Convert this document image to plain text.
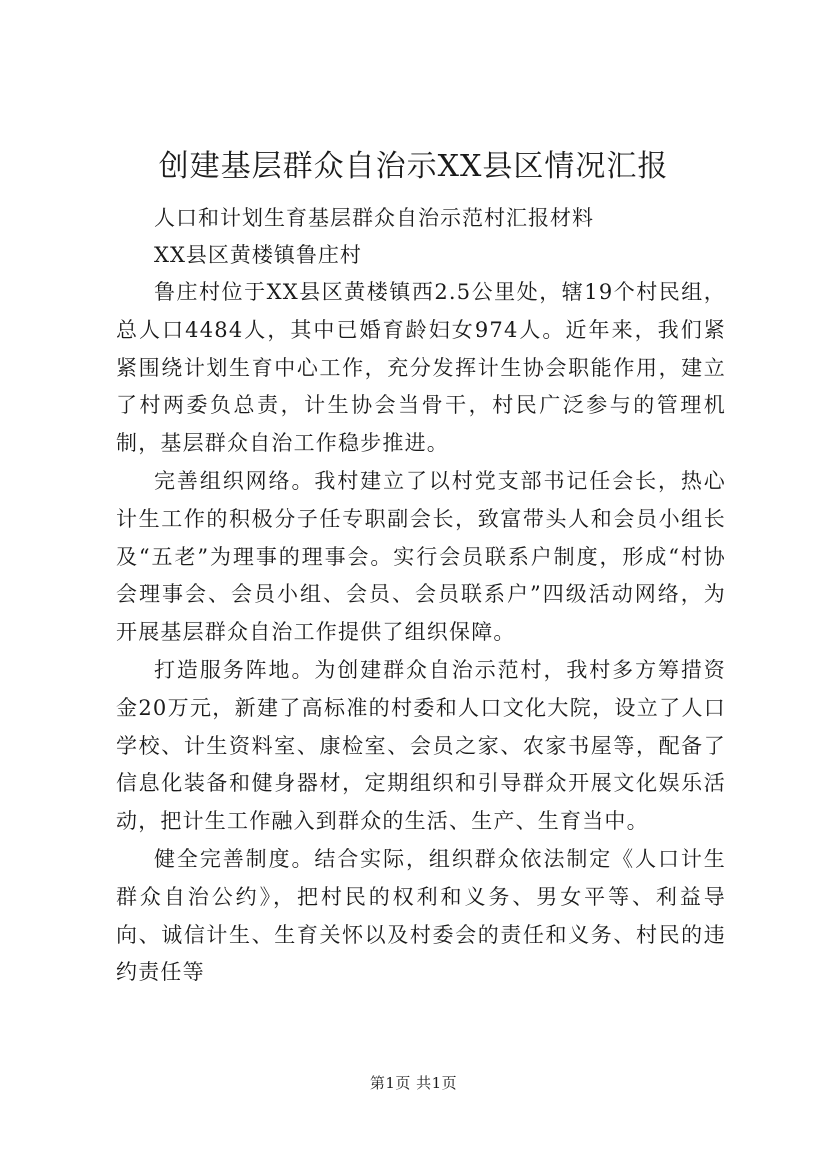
创建基层群众自治示XX县区情况汇报

人口和计划生育基层群众自治示范村汇报材料

XX县区黄楼镇鲁庄村

鲁庄村位于XX县区黄楼镇西2.5公里处，辖19个村民组，总人口4484人，其中已婚育龄妇女974人。近年来，我们紧紧围绕计划生育中心工作，充分发挥计生协会职能作用，建立了村两委负总责，计生协会当骨干，村民广泛参与的管理机制，基层群众自治工作稳步推进。

完善组织网络。我村建立了以村党支部书记任会长，热心计生工作的积极分子任专职副会长，致富带头人和会员小组长及“五老”为理事的理事会。实行会员联系户制度，形成“村协会理事会、会员小组、会员、会员联系户”四级活动网络，为开展基层群众自治工作提供了组织保障。

打造服务阵地。为创建群众自治示范村，我村多方筹措资金20万元，新建了高标准的村委和人口文化大院，设立了人口学校、计生资料室、康检室、会员之家、农家书屋等，配备了信息化装备和健身器材，定期组织和引导群众开展文化娱乐活动，把计生工作融入到群众的生活、生产、生育当中。

健全完善制度。结合实际，组织群众依法制定《人口计生群众自治公约》，把村民的权利和义务、男女平等、利益导向、诚信计生、生育关怀以及村委会的责任和义务、村民的违约责任等

第1页 共1页
